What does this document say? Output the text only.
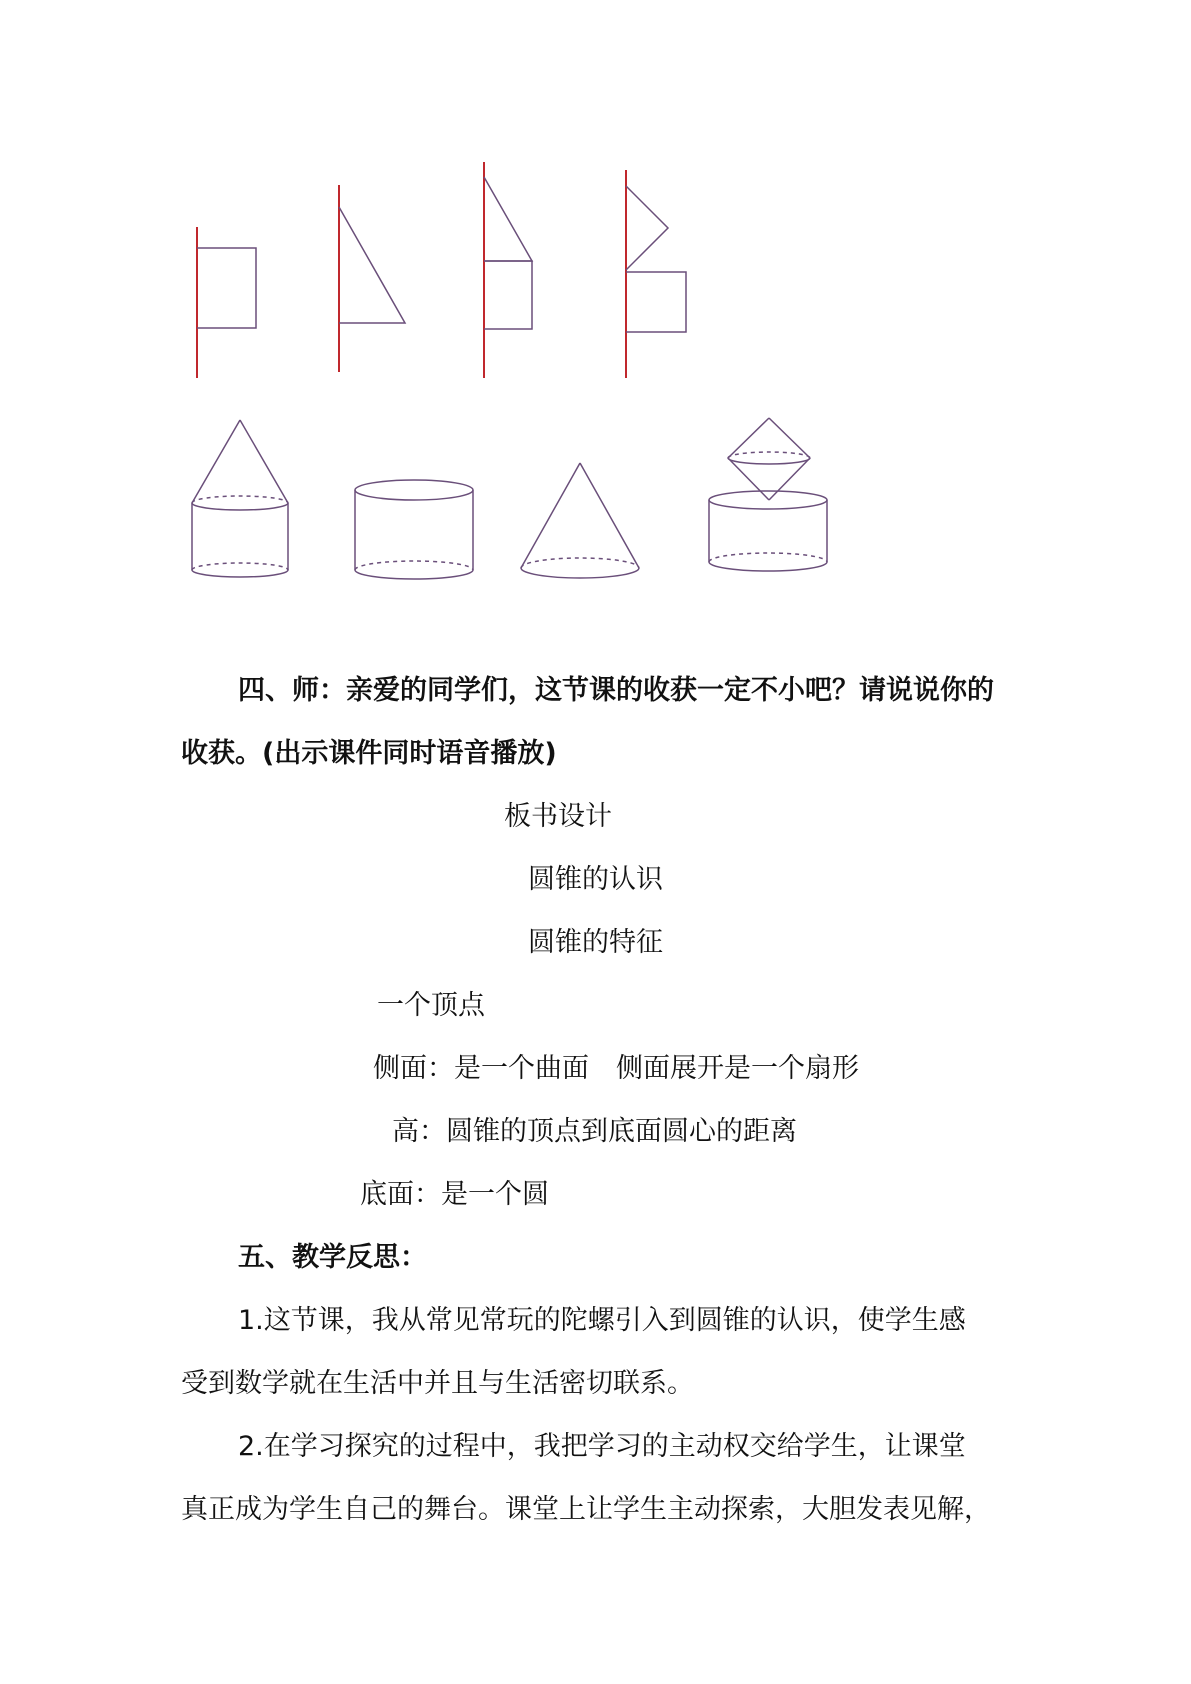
四、师：亲爱的同学们，这节课的收获一定不小吧？请说说你的
收获。(出示课件同时语音播放)
板书设计
圆锥的认识
圆锥的特征
一个顶点
侧面：是一个曲面　侧面展开是一个扇形
高：圆锥的顶点到底面圆心的距离
底面：是一个圆
五、教学反思：
1.这节课，我从常见常玩的陀螺引入到圆锥的认识，使学生感
受到数学就在生活中并且与生活密切联系。
2.在学习探究的过程中，我把学习的主动权交给学生，让课堂
真正成为学生自己的舞台。课堂上让学生主动探索，大胆发表见解，
